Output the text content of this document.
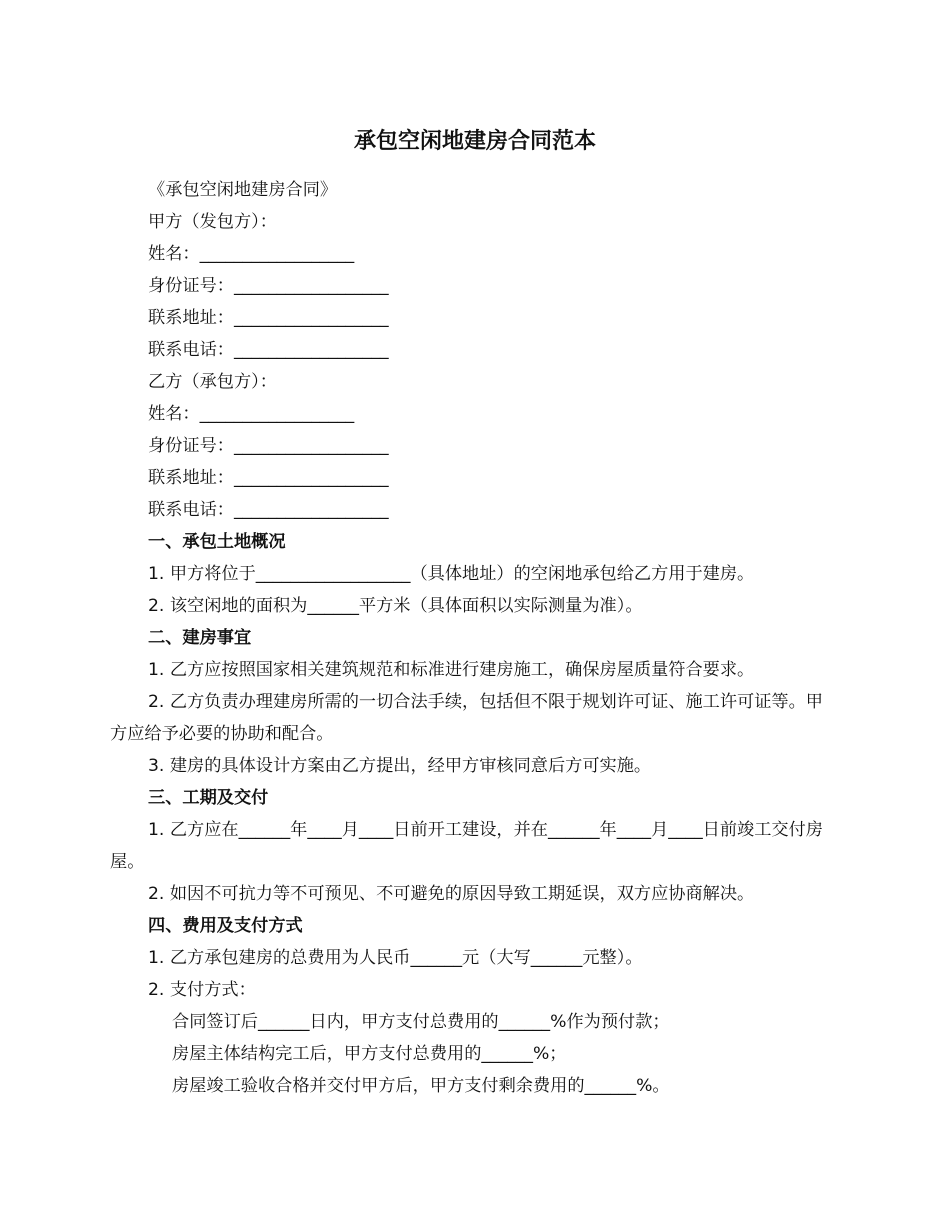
承包空闲地建房合同范本

《承包空闲地建房合同》

甲方（发包方）：

姓名：__________________

身份证号：__________________

联系地址：__________________

联系电话：__________________

乙方（承包方）：

姓名：__________________

身份证号：__________________

联系地址：__________________

联系电话：__________________

一、承包土地概况

1. 甲方将位于__________________（具体地址）的空闲地承包给乙方用于建房。

2. 该空闲地的面积为______平方米（具体面积以实际测量为准）。

二、建房事宜

1. 乙方应按照国家相关建筑规范和标准进行建房施工，确保房屋质量符合要求。

2. 乙方负责办理建房所需的一切合法手续，包括但不限于规划许可证、施工许可证等。甲方应给予必要的协助和配合。

3. 建房的具体设计方案由乙方提出，经甲方审核同意后方可实施。

三、工期及交付

1. 乙方应在______年____月____日前开工建设，并在______年____月____日前竣工交付房屋。

2. 如因不可抗力等不可预见、不可避免的原因导致工期延误，双方应协商解决。

四、费用及支付方式

1. 乙方承包建房的总费用为人民币______元（大写______元整）。

2. 支付方式：

合同签订后______日内，甲方支付总费用的______%作为预付款；

房屋主体结构完工后，甲方支付总费用的______%；

房屋竣工验收合格并交付甲方后，甲方支付剩余费用的______%。
